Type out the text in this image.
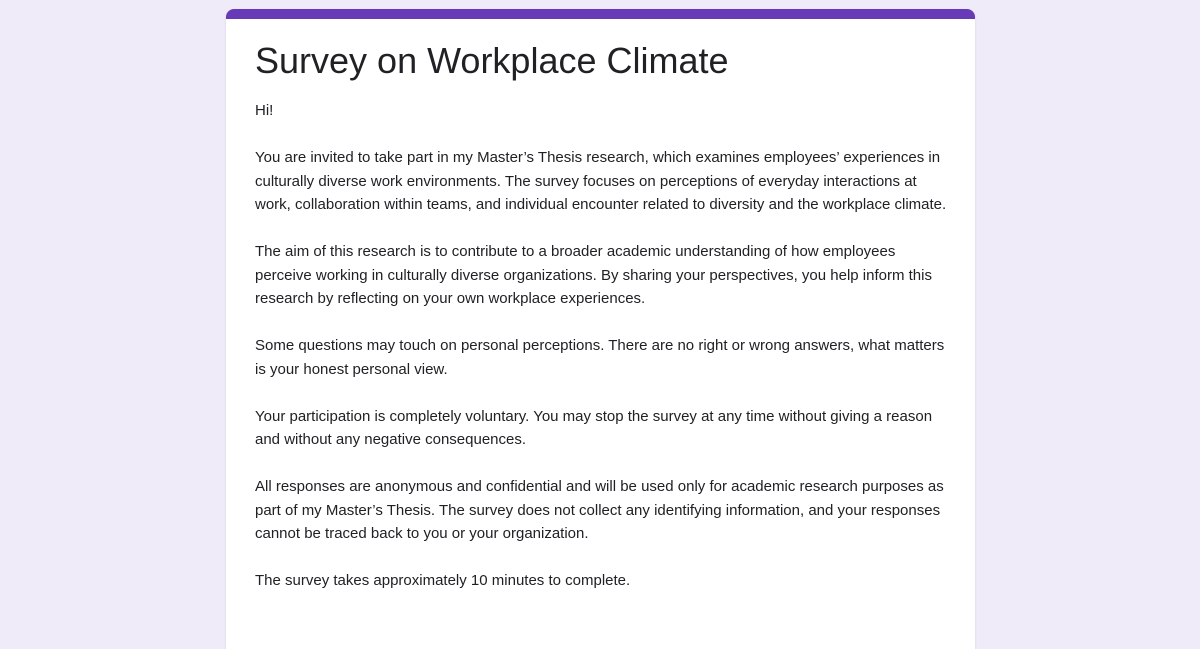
Survey on Workplace Climate

Hi!

You are invited to take part in my Master’s Thesis research, which examines employees’ experiences in culturally diverse work environments. The survey focuses on perceptions of everyday interactions at work, collaboration within teams, and individual encounter related to diversity and the workplace climate.

The aim of this research is to contribute to a broader academic understanding of how employees perceive working in culturally diverse organizations. By sharing your perspectives, you help inform this research by reflecting on your own workplace experiences.

Some questions may touch on personal perceptions. There are no right or wrong answers, what matters is your honest personal view.

Your participation is completely voluntary. You may stop the survey at any time without giving a reason and without any negative consequences.

All responses are anonymous and confidential and will be used only for academic research purposes as part of my Master’s Thesis. The survey does not collect any identifying information, and your responses cannot be traced back to you or your organization.

The survey takes approximately 10 minutes to complete.
